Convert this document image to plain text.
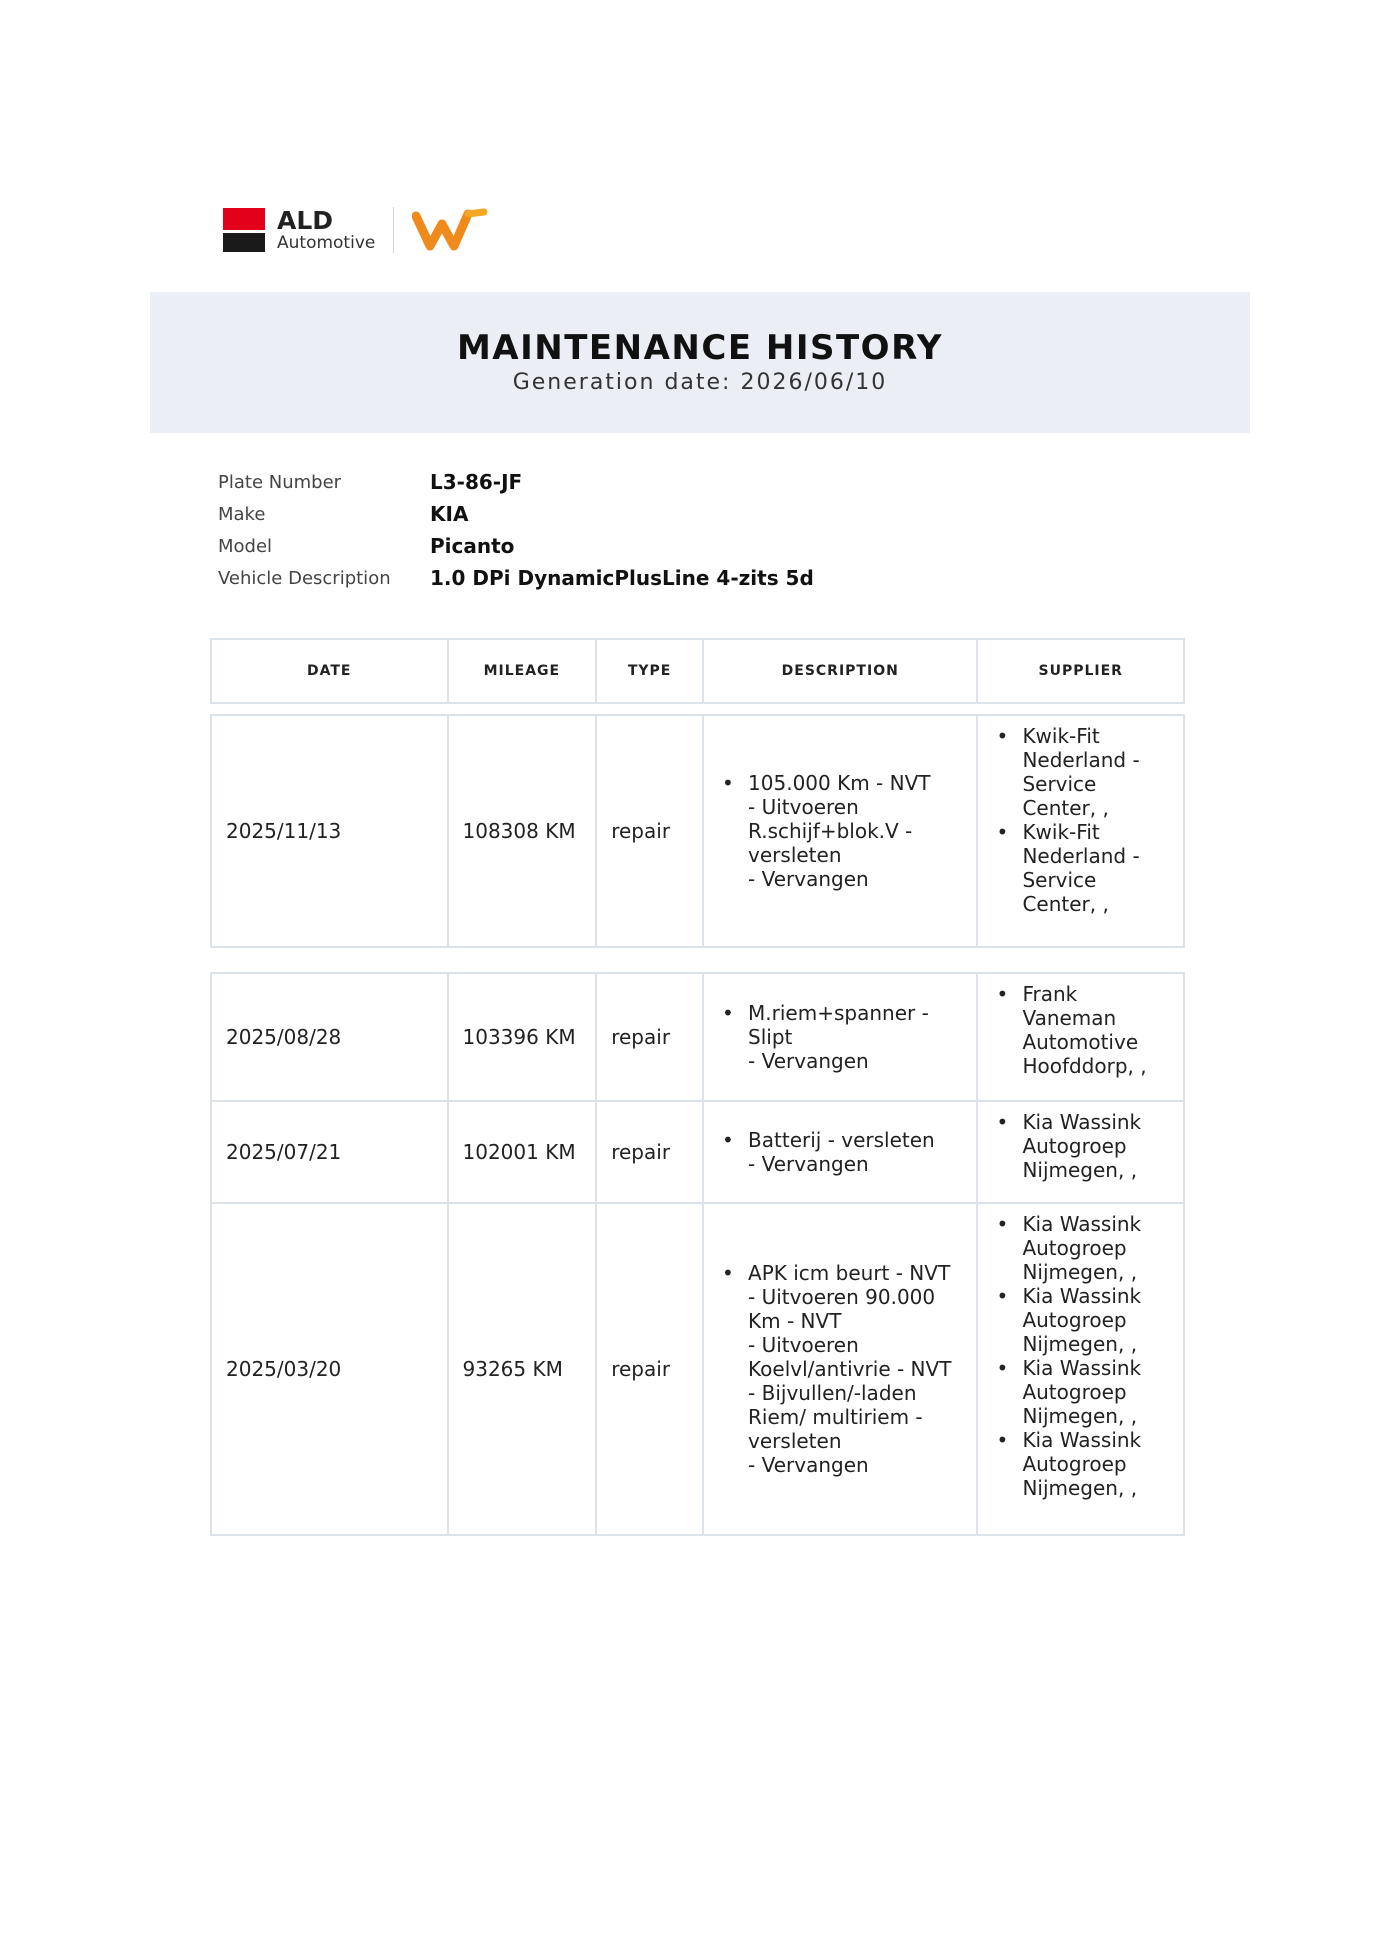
ALD
Automotive
MAINTENANCE HISTORY
Generation date: 2026/06/10
Plate Number	L3-86-JF
Make	KIA
Model	Picanto
Vehicle Description	1.0 DPi DynamicPlusLine 4-zits 5d
DATE	MILEAGE	TYPE	DESCRIPTION	SUPPLIER
2025/11/13	108308 KM	repair
• 105.000 Km - NVT
- Uitvoeren R.schijf+blok.V - versleten
- Vervangen
• Kwik-Fit Nederland - Service Center, ,
• Kwik-Fit Nederland - Service Center, ,
2025/08/28	103396 KM	repair
• M.riem+spanner - Slipt
- Vervangen
• Frank Vaneman Automotive Hoofddorp, ,
2025/07/21	102001 KM	repair
•	Batterij - versleten
- Vervangen
• Kia Wassink Autogroep Nijmegen, ,
2025/03/20	93265 KM	repair
• APK icm beurt - NVT
- Uitvoeren 90.000 Km - NVT
- Uitvoeren Koelvl/antivrie - NVT
- Bijvullen/-laden Riem/ multiriem - versleten
- Vervangen
• Kia Wassink Autogroep Nijmegen, ,
• Kia Wassink Autogroep Nijmegen, ,
• Kia Wassink Autogroep Nijmegen, ,
• Kia Wassink Autogroep Nijmegen, ,
